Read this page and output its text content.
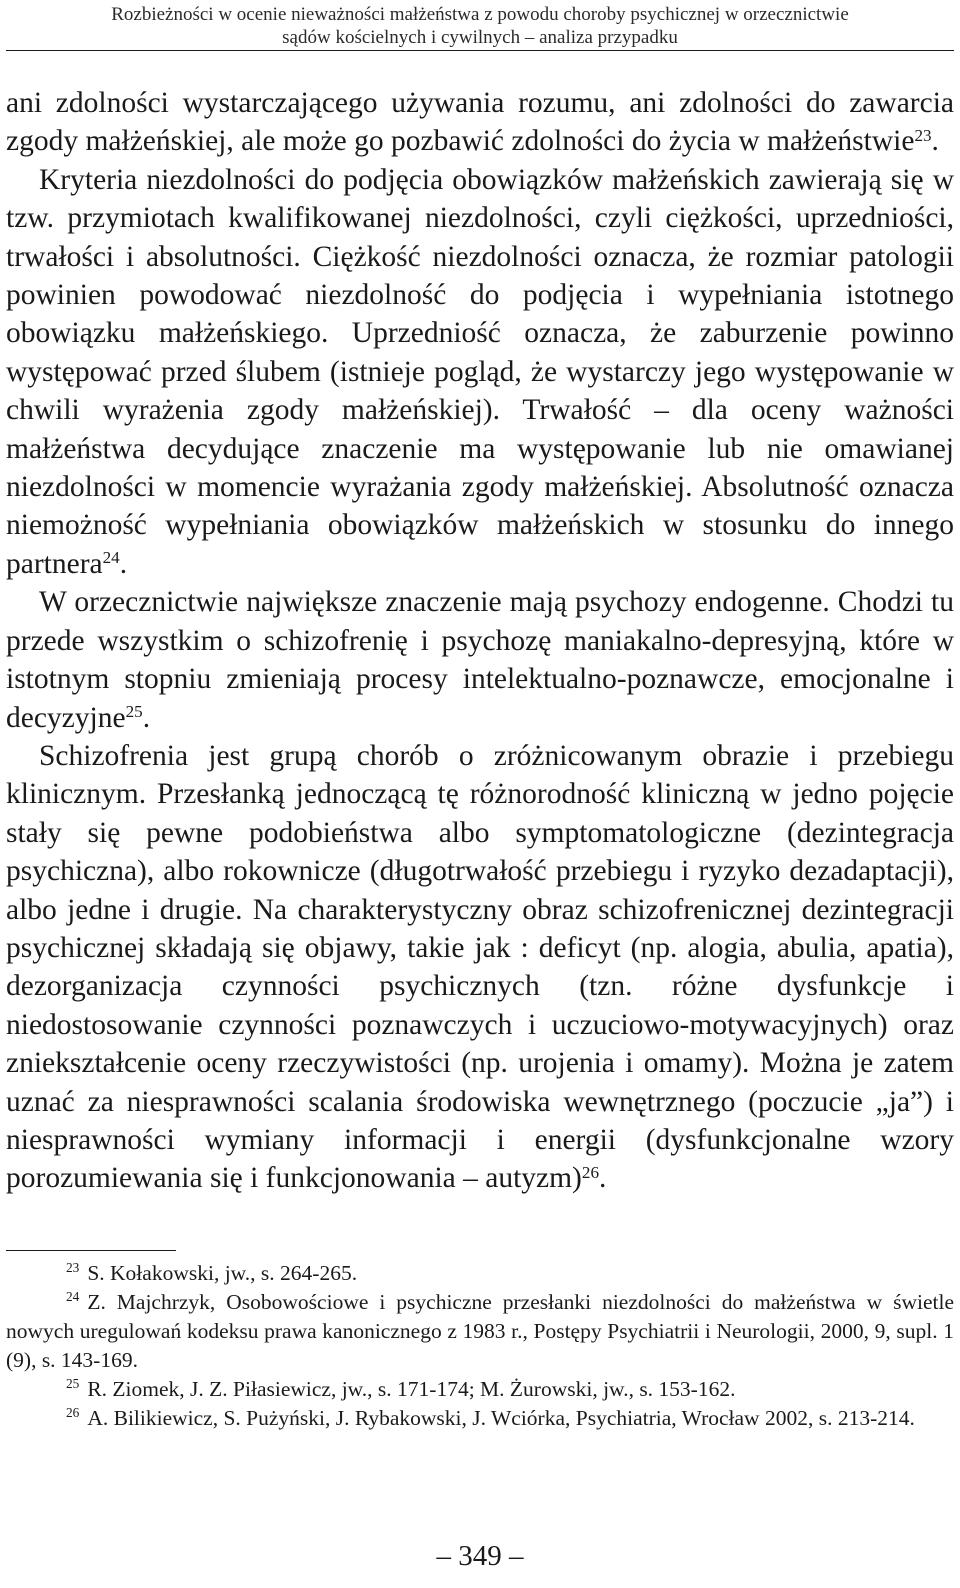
Rozbieżności w ocenie nieważności małżeństwa z powodu choroby psychicznej w orzecznictwie
sądów kościelnych i cywilnych – analiza przypadku

ani zdolności wystarczającego używania rozumu, ani zdolności do zawarcia zgody małżeńskiej, ale może go pozbawić zdolności do życia w małżeństwie$^{23}$.

Kryteria niezdolności do podjęcia obowiązków małżeńskich zawierają się w tzw. przymiotach kwalifikowanej niezdolności, czyli ciężkości, uprzedniości, trwałości i absolutności. Ciężkość niezdolności oznacza, że rozmiar patologii powinien powodować niezdolność do podjęcia i wypełniania istotnego obowiązku małżeńskiego. Uprzedniość oznacza, że zaburzenie powinno występować przed ślubem (istnieje pogląd, że wystarczy jego występowanie w chwili wyrażenia zgody małżeńskiej). Trwałość – dla oceny ważności małżeństwa decydujące znaczenie ma występowanie lub nie omawianej niezdolności w momencie wyrażania zgody małżeńskiej. Absolutność oznacza niemożność wypełniania obowiązków małżeńskich w stosunku do innego partnera$^{24}$.

W orzecznictwie największe znaczenie mają psychozy endogenne. Chodzi tu przede wszystkim o schizofrenię i psychozę maniakalno-depresyjną, które w istotnym stopniu zmieniają procesy intelektualno-poznawcze, emocjonalne i decyzyjne$^{25}$.

Schizofrenia jest grupą chorób o zróżnicowanym obrazie i przebiegu klinicznym. Przesłanką jednoczącą tę różnorodność kliniczną w jedno pojęcie stały się pewne podobieństwa albo symptomatologiczne (dezintegracja psychiczna), albo rokownicze (długotrwałość przebiegu i ryzyko dezadaptacji), albo jedne i drugie. Na charakterystyczny obraz schizofrenicznej dezintegracji psychicznej składają się objawy, takie jak : deficyt (np. alogia, abulia, apatia), dezorganizacja czynności psychicznych (tzn. różne dysfunkcje i niedostosowanie czynności poznawczych i uczuciowo-motywacyjnych) oraz zniekształcenie oceny rzeczywistości (np. urojenia i omamy). Można je zatem uznać za niesprawności scalania środowiska wewnętrznego (poczucie „ja”) i niesprawności wymiany informacji i energii (dysfunkcjonalne wzory porozumiewania się i funkcjonowania – autyzm)$^{26}$.

23 S. Kołakowski, jw., s. 264-265.

24 Z. Majchrzyk, Osobowościowe i psychiczne przesłanki niezdolności do małżeństwa w świetle nowych uregulowań kodeksu prawa kanonicznego z 1983 r., Postępy Psychiatrii i Neurologii, 2000, 9, supl. 1 (9), s. 143-169.

25 R. Ziomek, J. Z. Piłasiewicz, jw., s. 171-174; M. Żurowski, jw., s. 153-162.

26 A. Bilikiewicz, S. Pużyński, J. Rybakowski, J. Wciórka, Psychiatria, Wrocław 2002, s. 213-214.

– 349 –
